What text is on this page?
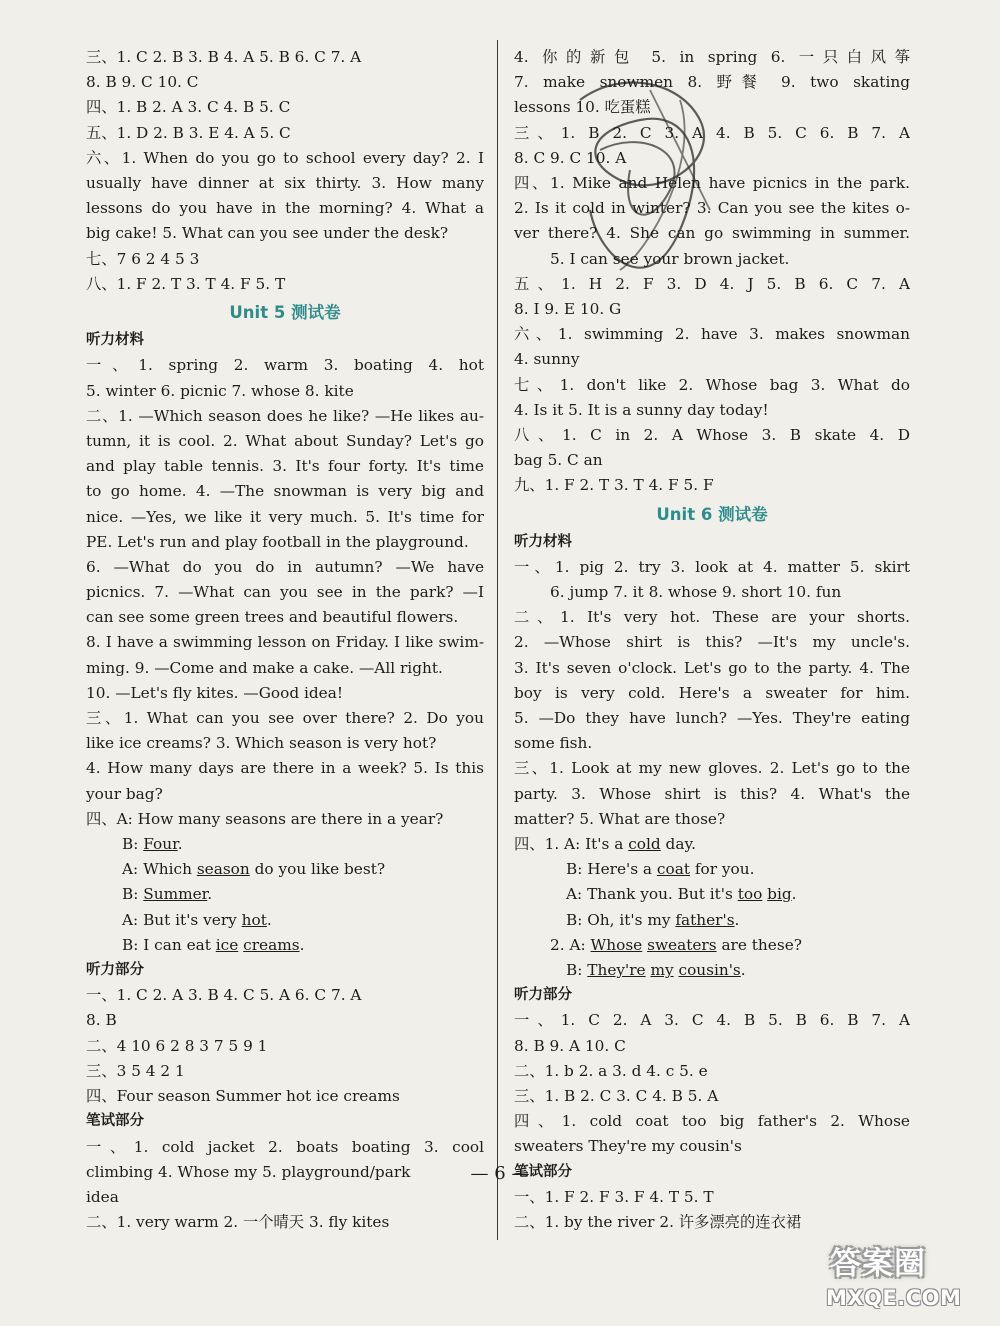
三、1. C 2. B 3. B 4. A 5. B 6. C 7. A
8. B 9. C 10. C
四、1. B 2. A 3. C 4. B 5. C
五、1. D 2. B 3. E 4. A 5. C
六、1. When do you go to school every day? 2. I
usually have dinner at six thirty. 3. How many
lessons do you have in the morning? 4. What a
big cake! 5. What can you see under the desk?
七、7 6 2 4 5 3
八、1. F 2. T 3. T 4. F 5. T
Unit 5 测试卷
听力材料
一、1. spring 2. warm 3. boating 4. hot
5. winter 6. picnic 7. whose 8. kite
二、1. —Which season does he like? —He likes au-
tumn, it is cool. 2. What about Sunday? Let's go
and play table tennis. 3. It's four forty. It's time
to go home. 4. —The snowman is very big and
nice. —Yes, we like it very much. 5. It's time for
PE. Let's run and play football in the playground.
6. —What do you do in autumn? —We have
picnics. 7. —What can you see in the park? —I
can see some green trees and beautiful flowers.
8. I have a swimming lesson on Friday. I like swim-
ming. 9. —Come and make a cake. —All right.
10. —Let's fly kites. —Good idea!
三、1. What can you see over there? 2. Do you
like ice creams? 3. Which season is very hot?
4. How many days are there in a week? 5. Is this
your bag?
四、A: How many seasons are there in a year?
B: Four.
A: Which season do you like best?
B: Summer.
A: But it's very hot.
B: I can eat ice creams.
听力部分
一、1. C 2. A 3. B 4. C 5. A 6. C 7. A
8. B
二、4 10 6 2 8 3 7 5 9 1
三、3 5 4 2 1
四、Four season Summer hot ice creams
笔试部分
一、1. cold jacket 2. boats boating 3. cool
climbing 4. Whose my 5. playground/park
idea
二、1. very warm 2. 一个晴天 3. fly kites
4. 你的新包 5. in spring 6. 一只白风筝
7. make snowmen 8. 野餐 9. two skating
lessons 10. 吃蛋糕
三、1. B 2. C 3. A 4. B 5. C 6. B 7. A
8. C 9. C 10. A
四、1. Mike and Helen have picnics in the park.
2. Is it cold in winter? 3. Can you see the kites o-
ver there? 4. She can go swimming in summer.
5. I can see your brown jacket.
五、1. H 2. F 3. D 4. J 5. B 6. C 7. A
8. I 9. E 10. G
六、1. swimming 2. have 3. makes snowman
4. sunny
七、1. don't like 2. Whose bag 3. What do
4. Is it 5. It is a sunny day today!
八、1. C in 2. A Whose 3. B skate 4. D
bag 5. C an
九、1. F 2. T 3. T 4. F 5. F
Unit 6 测试卷
听力材料
一、1. pig 2. try 3. look at 4. matter 5. skirt
6. jump 7. it 8. whose 9. short 10. fun
二、1. It's very hot. These are your shorts.
2. —Whose shirt is this? —It's my uncle's.
3. It's seven o'clock. Let's go to the party. 4. The
boy is very cold. Here's a sweater for him.
5. —Do they have lunch? —Yes. They're eating
some fish.
三、1. Look at my new gloves. 2. Let's go to the
party. 3. Whose shirt is this? 4. What's the
matter? 5. What are those?
四、1. A: It's a cold day.
B: Here's a coat for you.
A: Thank you. But it's too big.
B: Oh, it's my father's.
2. A: Whose sweaters are these?
B: They're my cousin's.
听力部分
一、1. C 2. A 3. C 4. B 5. B 6. B 7. A
8. B 9. A 10. C
二、1. b 2. a 3. d 4. c 5. e
三、1. B 2. C 3. C 4. B 5. A
四、1. cold coat too big father's 2. Whose
sweaters They're my cousin's
笔试部分
一、1. F 2. F 3. F 4. T 5. T
二、1. by the river 2. 许多漂亮的连衣裙
— 6 —
答案圈
MXQE.COM
